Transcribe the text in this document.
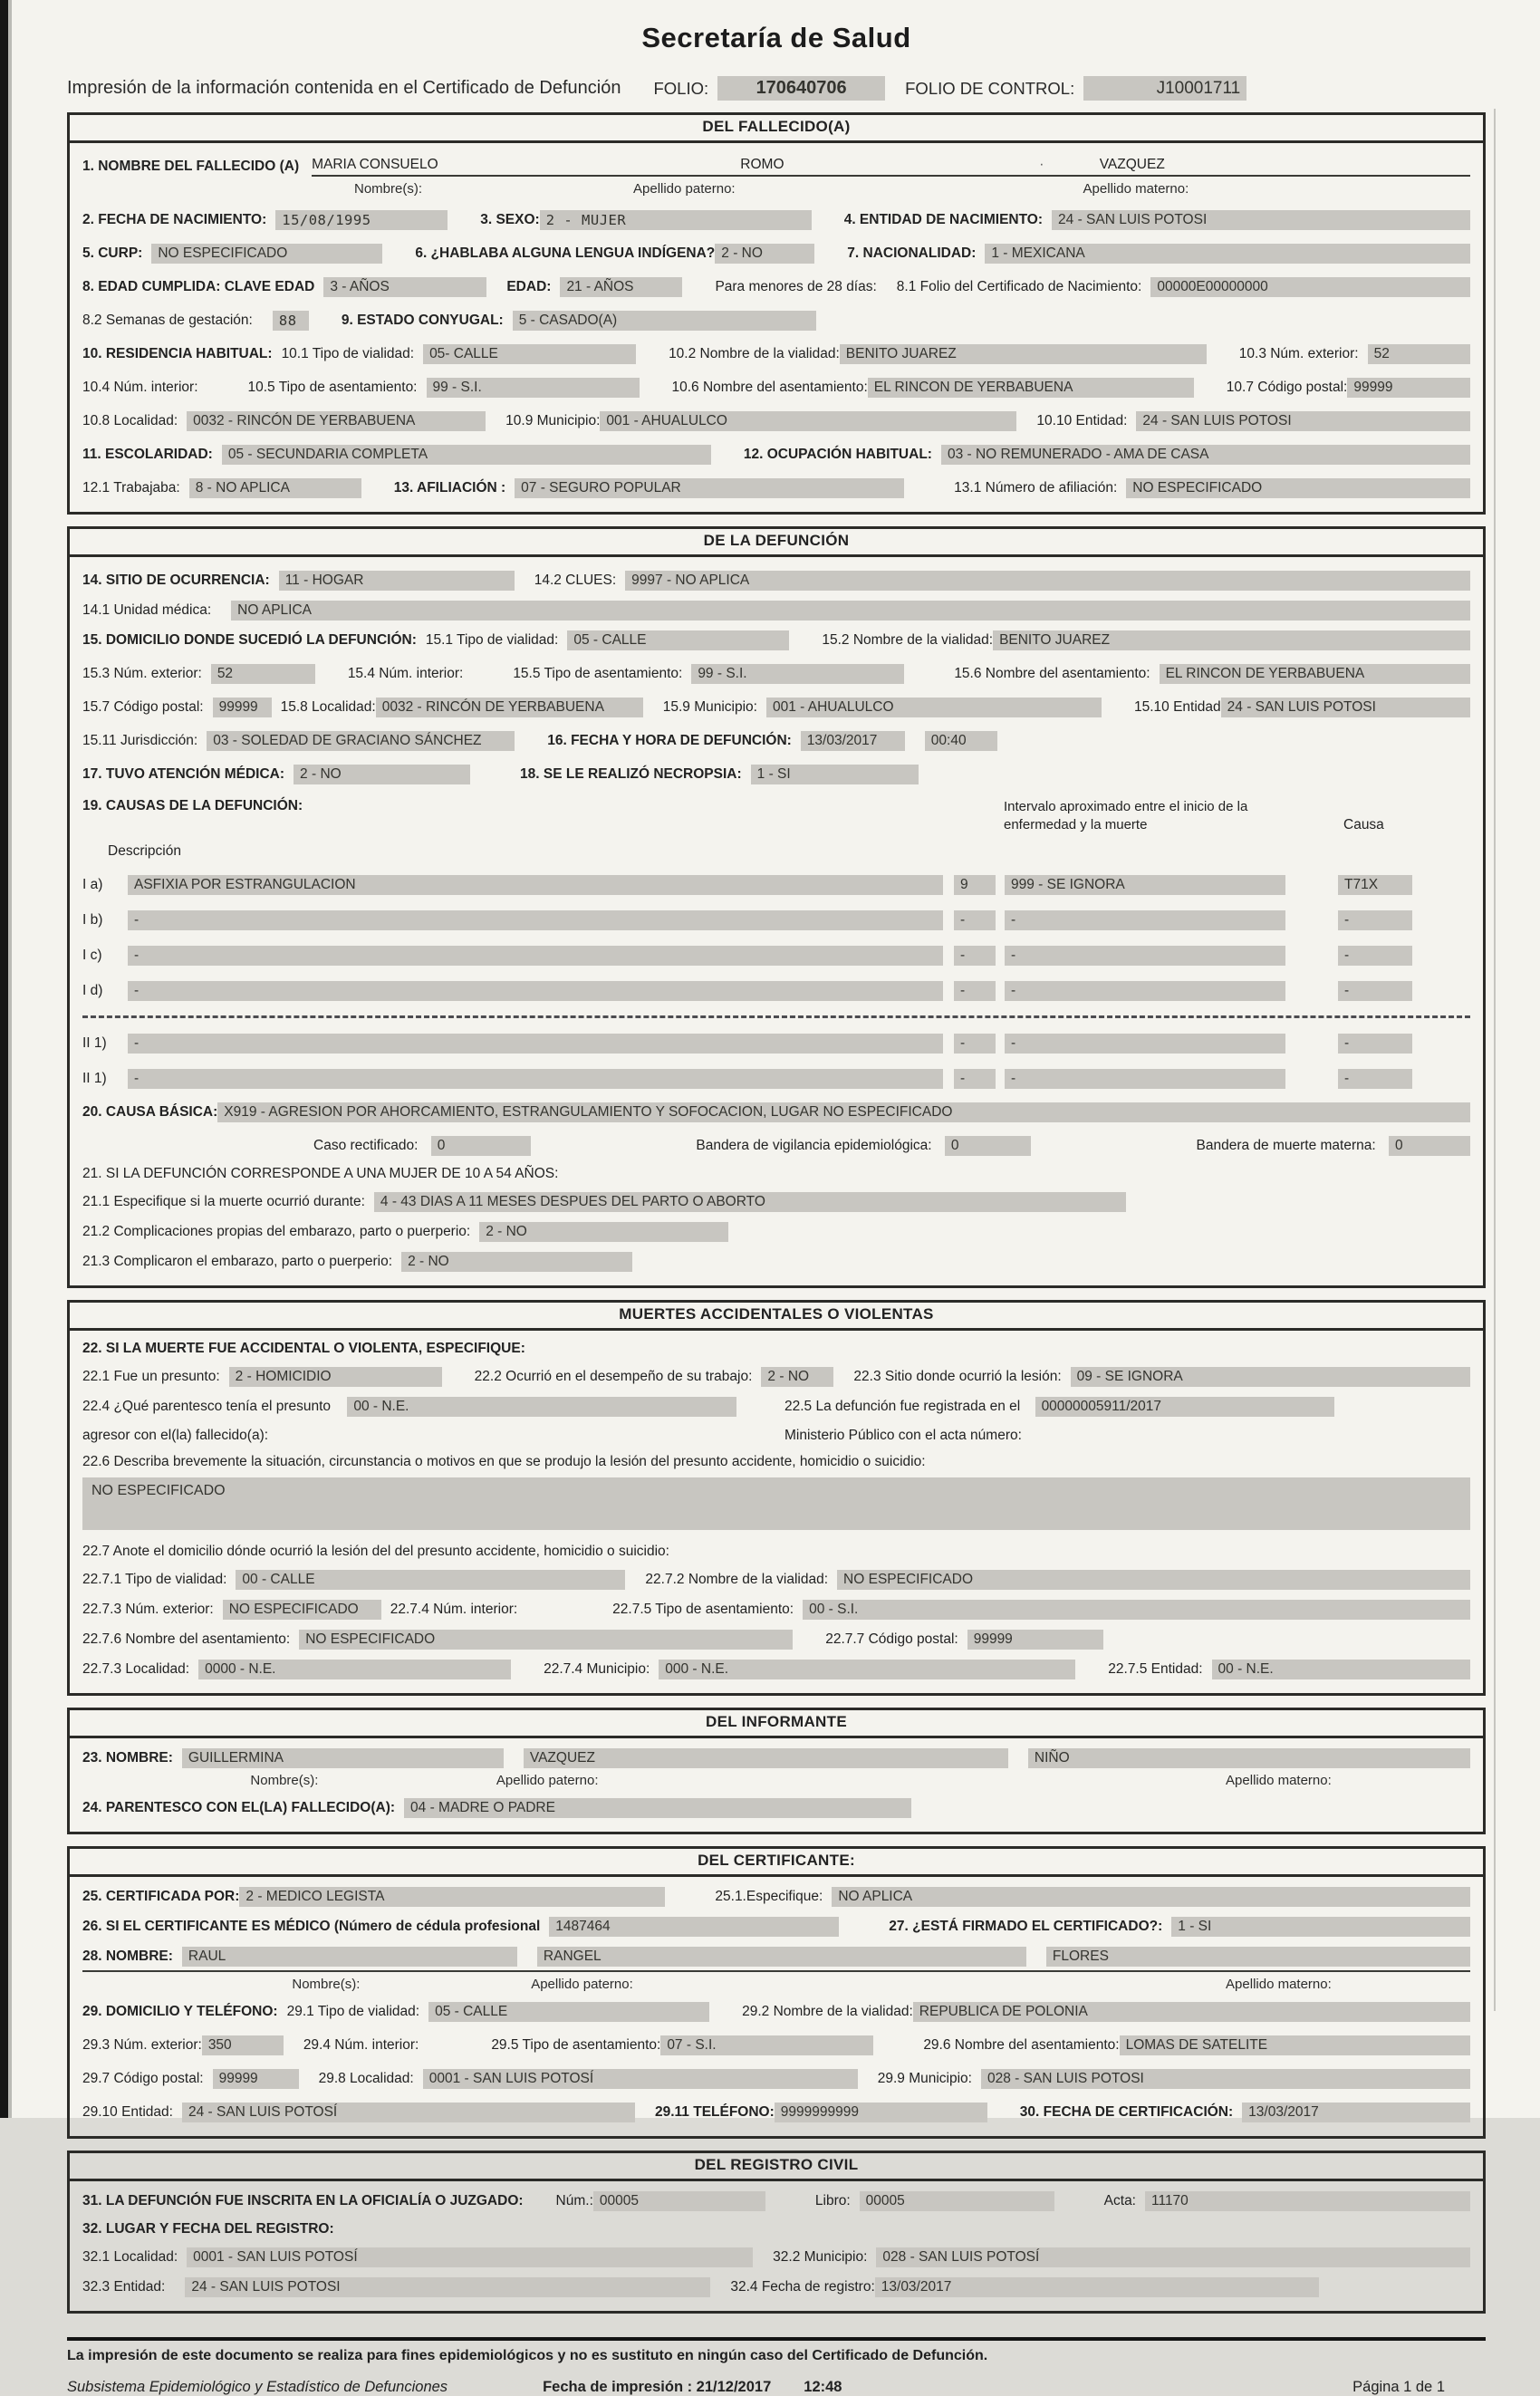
Secretaría de Salud
Impresión de la información contenida en el Certificado de Defunción FOLIO:	170640706	FOLIO DE CONTROL:	J10001711
DEL FALLECIDO(A)
1. NOMBRE DEL FALLECIDO (A) MARIA CONSUELO	ROMO	·	VAZQUEZ
Nombre(s):	Apellido paterno:	Apellido materno:
2. FECHA DE NACIMIENTO:	15/08/1995	3. SEXO: 2 - MUJER	4. ENTIDAD DE NACIMIENTO:	24 - SAN LUIS POTOSI
5. CURP:	NO ESPECIFICADO	6. ¿HABLABA ALGUNA LENGUA INDÍGENA? 2 - NO	7. NACIONALIDAD:	1 - MEXICANA
8. EDAD CUMPLIDA: CLAVE EDAD	3 - AÑOS	EDAD:	21 - AÑOS	Para menores de 28 días: 8.1 Folio del Certificado de Nacimiento:	00000E00000000
8.2 Semanas de gestación:	88	9. ESTADO CONYUGAL:	5 - CASADO(A)
10. RESIDENCIA HABITUAL: 10.1 Tipo de vialidad:	05- CALLE	10.2 Nombre de la vialidad: BENITO JUAREZ	10.3 Núm. exterior:	52
10.4 Núm. interior:	10.5 Tipo de asentamiento:	99 - S.I.	10.6 Nombre del asentamiento: EL RINCON DE YERBABUENA	10.7 Código postal: 99999
10.8 Localidad:	0032 - RINCÓN DE YERBABUENA	10.9 Municipio: 001 - AHUALULCO	10.10 Entidad:	24 - SAN LUIS POTOSI
11. ESCOLARIDAD:	05 - SECUNDARIA COMPLETA	12. OCUPACIÓN HABITUAL:	03 - NO REMUNERADO - AMA DE CASA
12.1 Trabajaba:	8 - NO APLICA	13. AFILIACIÓN :	07 - SEGURO POPULAR	13.1 Número de afiliación:	NO ESPECIFICADO
DE LA DEFUNCIÓN
14. SITIO DE OCURRENCIA:	11 - HOGAR	14.2 CLUES:	9997 - NO APLICA
14.1 Unidad médica:	NO APLICA
15. DOMICILIO DONDE SUCEDIÓ LA DEFUNCIÓN: 15.1 Tipo de vialidad:	05 - CALLE	15.2 Nombre de la vialidad: BENITO JUAREZ
15.3 Núm. exterior:	52	15.4 Núm. interior:	15.5 Tipo de asentamiento:	99 - S.I.	15.6 Nombre del asentamiento:	EL RINCON DE YERBABUENA
15.7 Código postal:	99999	15.8 Localidad: 0032 - RINCÓN DE YERBABUENA	15.9 Municipio:	001 - AHUALULCO	15.10 Entidad 24 - SAN LUIS POTOSI
15.11 Jurisdicción:	03 - SOLEDAD DE GRACIANO SÁNCHEZ	16. FECHA Y HORA DE DEFUNCIÓN:	13/03/2017	00:40
17. TUVO ATENCIÓN MÉDICA:	2 - NO	18. SE LE REALIZÓ NECROPSIA:	1 - SI
19. CAUSAS DE LA DEFUNCIÓN:	Intervalo aproximado entre el inicio de la enfermedad y la muerte	Causa
Descripción
I a)	ASFIXIA POR ESTRANGULACION	9	999 - SE IGNORA	T71X
I b)	-	-	-	-
I c)	-	-	-	-
I d)	-	-	-	-
II 1)	-	-	-	-
II 1)	-	-	-	-
20. CAUSA BÁSICA: X919 - AGRESION POR AHORCAMIENTO, ESTRANGULAMIENTO Y SOFOCACION, LUGAR NO ESPECIFICADO
Caso rectificado: 0	Bandera de vigilancia epidemiológica: 0	Bandera de muerte materna: 0
21. SI LA DEFUNCIÓN CORRESPONDE A UNA MUJER DE 10 A 54 AÑOS:
21.1 Especifique si la muerte ocurrió durante:	4 - 43 DIAS A 11 MESES DESPUES DEL PARTO O ABORTO
21.2 Complicaciones propias del embarazo, parto o puerperio:	2 - NO
21.3 Complicaron el embarazo, parto o puerperio:	2 - NO
MUERTES ACCIDENTALES O VIOLENTAS
22. SI LA MUERTE FUE ACCIDENTAL O VIOLENTA, ESPECIFIQUE:
22.1 Fue un presunto:	2 - HOMICIDIO	22.2 Ocurrió en el desempeño de su trabajo:	2 - NO	22.3 Sitio donde ocurrió la lesión:	09 - SE IGNORA
22.4 ¿Qué parentesco tenía el presunto 00 - N.E.
agresor con el(la) fallecido(a):
22.5 La defunción fue registrada en el 00000005911/2017
Ministerio Público con el acta número:
22.6 Describa brevemente la situación, circunstancia o motivos en que se produjo la lesión del presunto accidente, homicidio o suicidio:
NO ESPECIFICADO
22.7 Anote el domicilio dónde ocurrió la lesión del del presunto accidente, homicidio o suicidio:
22.7.1 Tipo de vialidad:	00 - CALLE	22.7.2 Nombre de la vialidad:	NO ESPECIFICADO
22.7.3 Núm. exterior:	NO ESPECIFICADO	22.7.4 Núm. interior:	22.7.5 Tipo de asentamiento:	00 - S.I.
22.7.6 Nombre del asentamiento:	NO ESPECIFICADO	22.7.7 Código postal:	99999
22.7.3 Localidad:	0000 - N.E.	22.7.4 Municipio:	000 - N.E.	22.7.5 Entidad:	00 - N.E.
DEL INFORMANTE
23. NOMBRE:	GUILLERMINA	VAZQUEZ	NIÑO
Nombre(s):	Apellido paterno:	Apellido materno:
24. PARENTESCO CON EL(LA) FALLECIDO(A):	04 - MADRE O PADRE
DEL CERTIFICANTE:
25. CERTIFICADA POR: 2 - MEDICO LEGISTA	25.1.Especifique:	NO APLICA
26. SI EL CERTIFICANTE ES MÉDICO (Número de cédula profesional	1487464	27. ¿ESTÁ FIRMADO EL CERTIFICADO?:	1 - SI
28. NOMBRE:	RAUL	RANGEL	FLORES
Nombre(s):	Apellido paterno:	Apellido materno:
29. DOMICILIO Y TELÉFONO: 29.1 Tipo de vialidad:	05 - CALLE	29.2 Nombre de la vialidad: REPUBLICA DE POLONIA
29.3 Núm. exterior: 350	29.4 Núm. interior:	29.5 Tipo de asentamiento: 07 - S.I.	29.6 Nombre del asentamiento: LOMAS DE SATELITE
29.7 Código postal:	99999	29.8 Localidad:	0001 - SAN LUIS POTOSÍ	29.9 Municipio:	028 - SAN LUIS POTOSI
29.10 Entidad:	24 - SAN LUIS POTOSÍ	29.11 TELÉFONO: 9999999999	30. FECHA DE CERTIFICACIÓN:	13/03/2017
DEL REGISTRO CIVIL
31. LA DEFUNCIÓN FUE INSCRITA EN LA OFICIALÍA O JUZGADO: Núm.: 00005	Libro:	00005	Acta:	11170
32. LUGAR Y FECHA DEL REGISTRO:
32.1 Localidad:	0001 - SAN LUIS POTOSÍ	32.2 Municipio:	028 - SAN LUIS POTOSÍ
32.3 Entidad:	24 - SAN LUIS POTOSI	32.4 Fecha de registro: 13/03/2017
La impresión de este documento se realiza para fines epidemiológicos y no es sustituto en ningún caso del Certificado de Defunción.
Subsistema Epidemiológico y Estadístico de Defunciones	Fecha de impresión : 21/12/2017 12:48	Página 1 de 1
